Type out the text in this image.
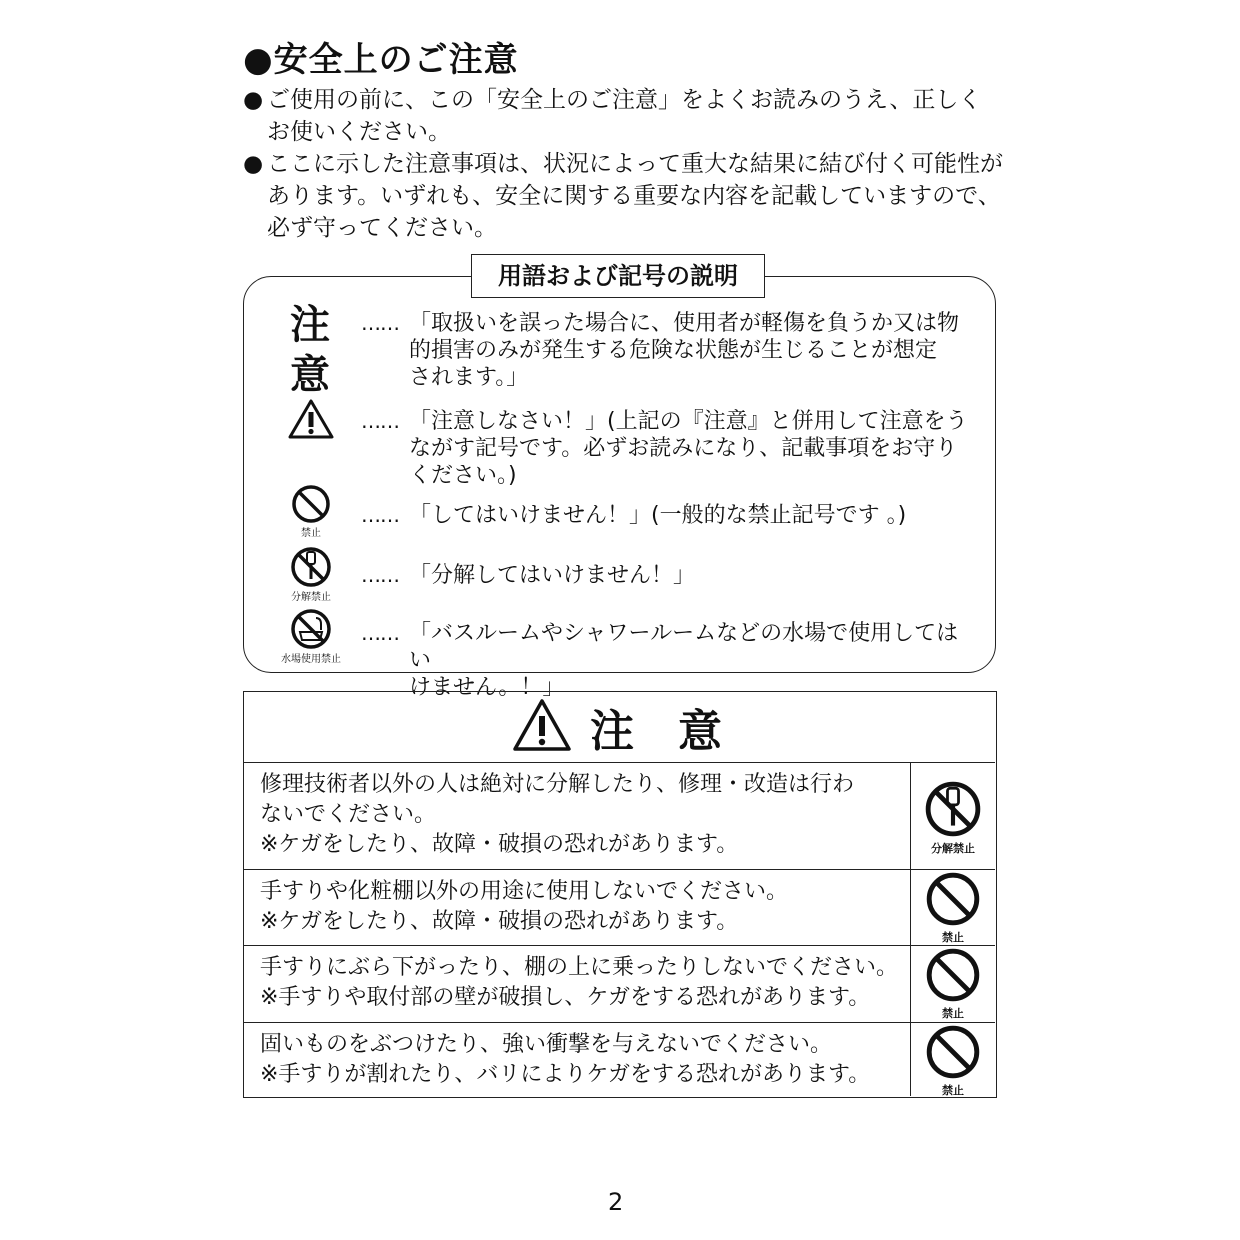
●安全上のご注意
● ご使用の前に、この「安全上のご注意」をよくお読みのうえ、正しく
お使いください。
● ここに示した注意事項は、状況によって重大な結果に結び付く可能性が
あります。いずれも、安全に関する重要な内容を記載していますので、
必ず守ってください。
用語および記号の説明
注意
…… 「取扱いを誤った場合に、使用者が軽傷を負うか又は物
的損害のみが発生する危険な状態が生じることが想定
されます。」
…… 「注意しなさい！」(上記の『注意』と併用して注意をう
ながす記号です。必ずお読みになり、記載事項をお守り
ください。)
禁止
…… 「してはいけません！」(一般的な禁止記号です 。)
分解禁止
…… 「分解してはいけません！」
水場使用禁止
…… 「バスルームやシャワールームなどの水場で使用してはい
けません。！」
注　意
修理技術者以外の人は絶対に分解したり、修理・改造は行わ
ないでください。
※ケガをしたり、故障・破損の恐れがあります。	分解禁止
手すりや化粧棚以外の用途に使用しないでください。
※ケガをしたり、故障・破損の恐れがあります。
禁止
手すりにぶら下がったり、棚の上に乗ったりしないでください。
※手すりや取付部の壁が破損し、ケガをする恐れがあります。
禁止
固いものをぶつけたり、強い衝撃を与えないでください。
※手すりが割れたり、バリによりケガをする恐れがあります。
禁止
2
